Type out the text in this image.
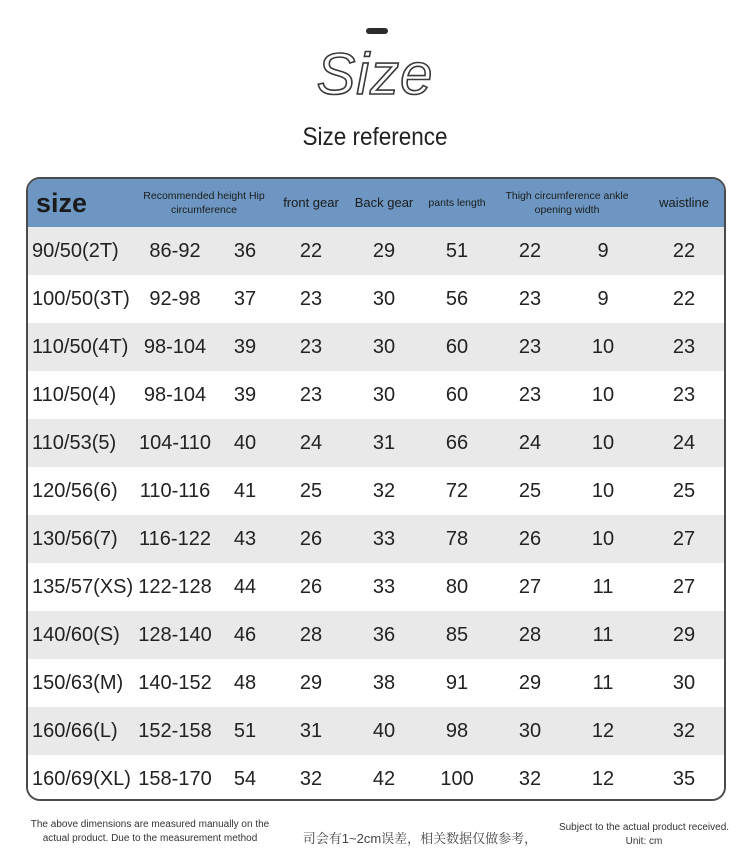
Size
Size reference
size	Recommended height Hip circumference		front gear	Back gear	pants length	Thigh circumference ankle opening width		waistline
90/50(2T)	86-92	36	22	29	51	22	9	22
100/50(3T)	92-98	37	23	30	56	23	9	22
110/50(4T)	98-104	39	23	30	60	23	10	23
110/50(4)	98-104	39	23	30	60	23	10	23
110/53(5)	104-110	40	24	31	66	24	10	24
120/56(6)	110-116	41	25	32	72	25	10	25
130/56(7)	116-122	43	26	33	78	26	10	27
135/57(XS)	122-128	44	26	33	80	27	11	27
140/60(S)	128-140	46	28	36	85	28	11	29
150/63(M)	140-152	48	29	38	91	29	11	30
160/66(L)	152-158	51	31	40	98	30	12	32
160/69(XL)	158-170	54	32	42	100	32	12	35
The above dimensions are measured manually on the actual product. Due to the measurement method	司会有1~2cm误差，相关数据仅做参考，
Subject to the actual product received.
Unit: cm
